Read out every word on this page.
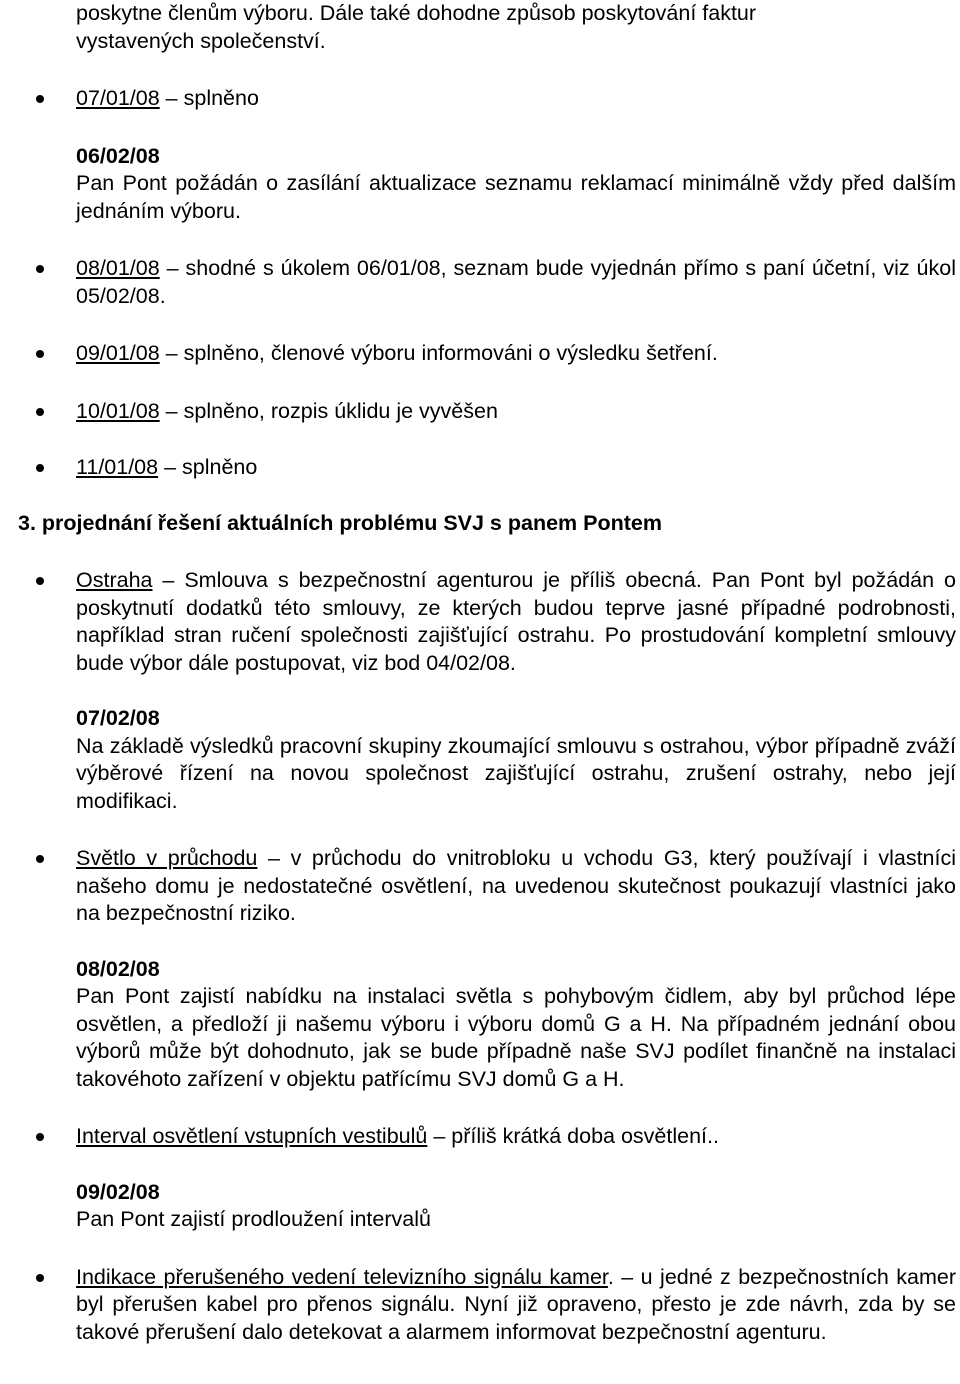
poskytne členům výboru. Dále také dohodne způsob poskytování faktur
vystavených společenství.

07/01/08 – splněno

06/02/08
Pan Pont požádán o zasílání aktualizace seznamu reklamací minimálně vždy před dalším jednáním výboru.

08/01/08 – shodné s úkolem 06/01/08, seznam bude vyjednán přímo s paní účetní, viz úkol 05/02/08.

09/01/08 – splněno, členové výboru informováni o výsledku šetření.

10/01/08 – splněno, rozpis úklidu je vyvěšen

11/01/08 – splněno

3. projednání řešení aktuálních problému SVJ s panem Pontem

Ostraha – Smlouva s bezpečnostní agenturou je příliš obecná. Pan Pont byl požádán o poskytnutí dodatků této smlouvy, ze kterých budou teprve jasné případné podrobnosti, například stran ručení společnosti zajišťující ostrahu. Po prostudování kompletní smlouvy bude výbor dále postupovat, viz bod 04/02/08.

07/02/08
Na základě výsledků pracovní skupiny zkoumající smlouvu s ostrahou, výbor případně zváží výběrové řízení na novou společnost zajišťující ostrahu, zrušení ostrahy, nebo její modifikaci.

Světlo v průchodu – v průchodu do vnitrobloku u vchodu G3, který používají i vlastníci našeho domu je nedostatečné osvětlení, na uvedenou skutečnost poukazují vlastníci jako na bezpečnostní riziko.

08/02/08
Pan Pont zajistí nabídku na instalaci světla s pohybovým čidlem, aby byl průchod lépe osvětlen, a předloží ji našemu výboru i výboru domů G a H. Na případném jednání obou výborů může být dohodnuto, jak se bude případně naše SVJ podílet finančně na instalaci takovéhoto zařízení v objektu patřícímu SVJ domů G a H.

Interval osvětlení vstupních vestibulů – příliš krátká doba osvětlení..

09/02/08
Pan Pont zajistí prodloužení intervalů

Indikace přerušeného vedení televizního signálu kamer. – u jedné z bezpečnostních kamer byl přerušen kabel pro přenos signálu. Nyní již opraveno, přesto je zde návrh, zda by se takové přerušení dalo detekovat a alarmem informovat bezpečnostní agenturu.
